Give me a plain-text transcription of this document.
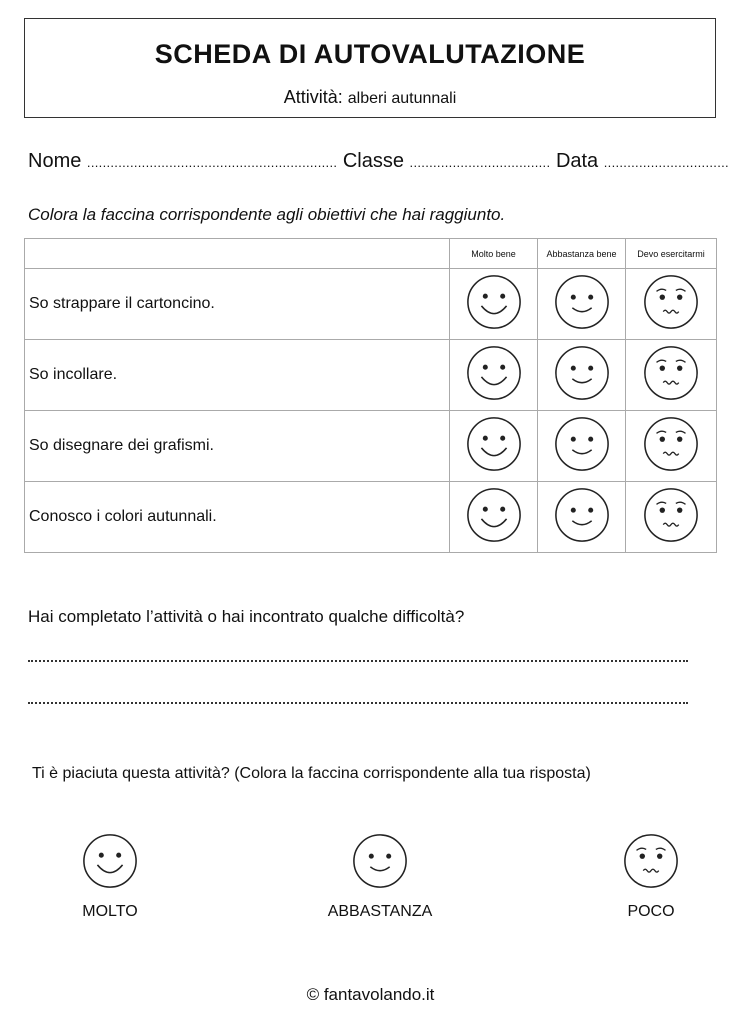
SCHEDA DI AUTOVALUTAZIONE
Attività: alberi autunnali
Nome ................................................................ Classe .................................... Data ................................
Colora la faccina corrispondente agli obiettivi che hai raggiunto.
	Molto bene	Abbastanza bene	Devo esercitarmi
So strappare il cartoncino.			
So incollare.			
So disegnare dei grafismi.			
Conosco i colori autunnali.			
Hai completato l’attività o hai incontrato qualche difficoltà?
Ti è piaciuta questa attività? (Colora la faccina corrispondente alla tua risposta)
MOLTO	ABBASTANZA	POCO
© fantavolando.it
